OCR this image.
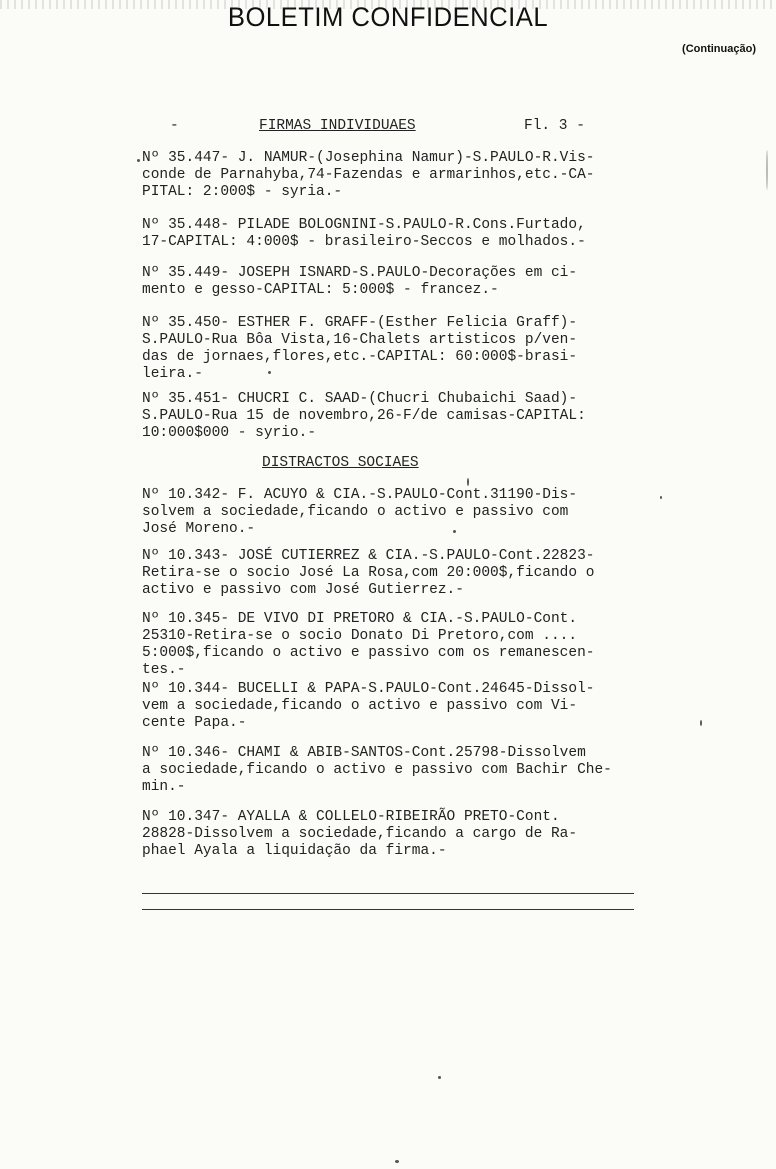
BOLETIM CONFIDENCIAL
(Continuação)
-	FIRMAS INDIVIDUAES	Fl. 3 -
Nº 35.447- J. NAMUR-(Josephina Namur)-S.PAULO-R.Vis-
conde de Parnahyba,74-Fazendas e armarinhos,etc.-CA-
PITAL: 2:000$ - syria.-
Nº 35.448- PILADE BOLOGNINI-S.PAULO-R.Cons.Furtado,
17-CAPITAL: 4:000$ - brasileiro-Seccos e molhados.-
Nº 35.449- JOSEPH ISNARD-S.PAULO-Decorações em ci-
mento e gesso-CAPITAL: 5:000$ - francez.-
Nº 35.450- ESTHER F. GRAFF-(Esther Felicia Graff)-
S.PAULO-Rua Bôa Vista,16-Chalets artisticos p/ven-
das de jornaes,flores,etc.-CAPITAL: 60:000$-brasi-
leira.-
Nº 35.451- CHUCRI C. SAAD-(Chucri Chubaichi Saad)-
S.PAULO-Rua 15 de novembro,26-F/de camisas-CAPITAL:
10:000$000 - syrio.-
DISTRACTOS SOCIAES
Nº 10.342- F. ACUYO & CIA.-S.PAULO-Cont.31190-Dis-
solvem a sociedade,ficando o activo e passivo com
José Moreno.-
Nº 10.343- JOSÉ CUTIERREZ & CIA.-S.PAULO-Cont.22823-
Retira-se o socio José La Rosa,com 20:000$,ficando o
activo e passivo com José Gutierrez.-
Nº 10.345- DE VIVO DI PRETORO & CIA.-S.PAULO-Cont.
25310-Retira-se o socio Donato Di Pretoro,com ....
5:000$,ficando o activo e passivo com os remanescen-
tes.-
Nº 10.344- BUCELLI & PAPA-S.PAULO-Cont.24645-Dissol-
vem a sociedade,ficando o activo e passivo com Vi-
cente Papa.-
Nº 10.346- CHAMI & ABIB-SANTOS-Cont.25798-Dissolvem
a sociedade,ficando o activo e passivo com Bachir Che-
min.-
Nº 10.347- AYALLA & COLLELO-RIBEIRÃO PRETO-Cont.
28828-Dissolvem a sociedade,ficando a cargo de Ra-
phael Ayala a liquidação da firma.-
